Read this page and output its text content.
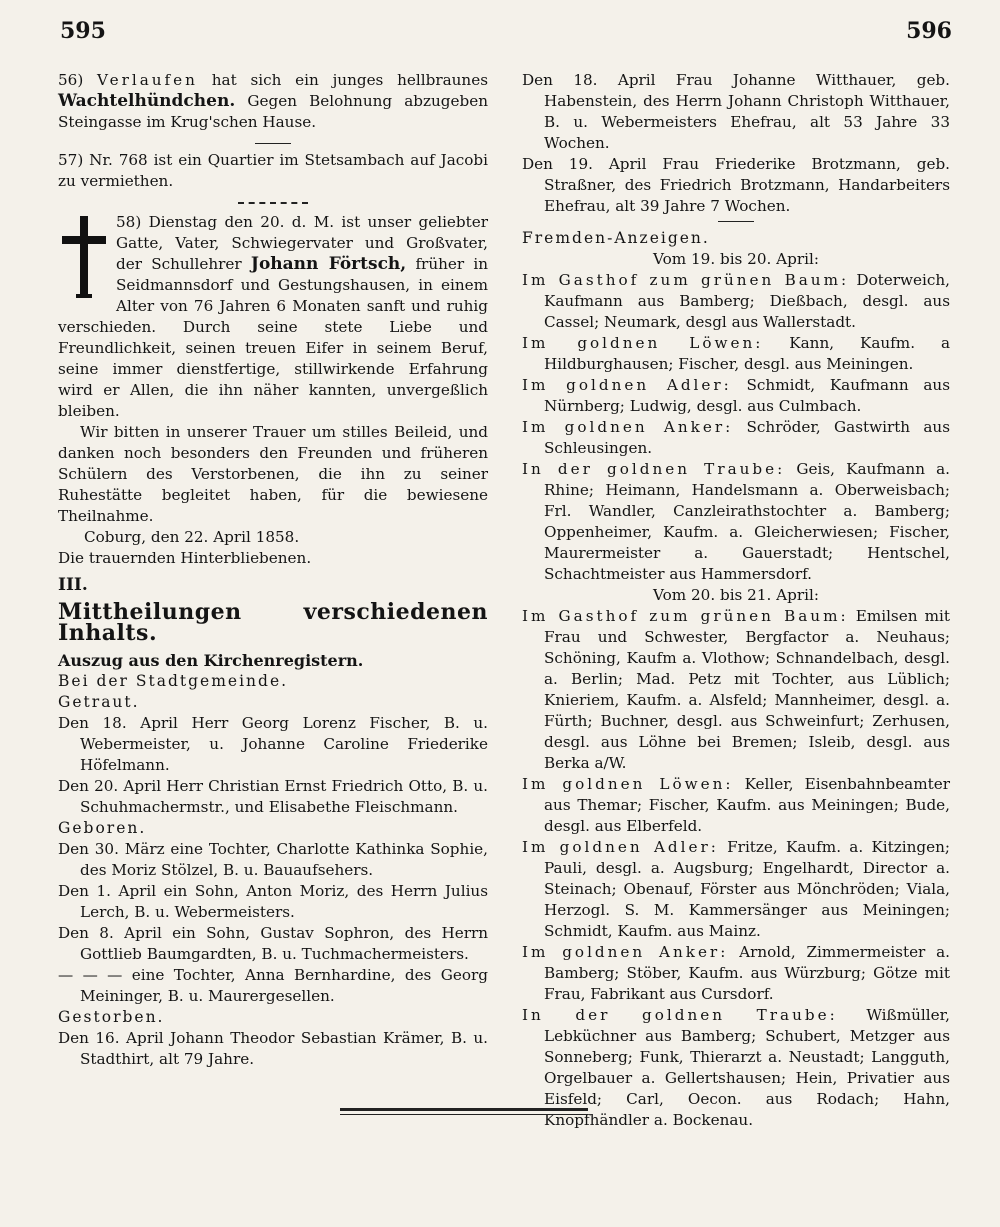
595	596

56) Verlaufen hat sich ein junges hellbraunes Wachtelhündchen. Gegen Belohnung abzugeben Steingasse im Krug'schen Hause.

57) Nr. 768 ist ein Quartier im Stetsambach auf Jacobi zu vermiethen.

58) Dienstag den 20. d. M. ist unser geliebter Gatte, Vater, Schwiegervater und Großvater, der Schullehrer Johann Förtsch, früher in Seidmannsdorf und Gestungshausen, in einem Alter von 76 Jahren 6 Monaten sanft und ruhig verschieden. Durch seine stete Liebe und Freundlichkeit, seinen treuen Eifer in seinem Beruf, seine immer dienstfertige, stillwirkende Erfahrung wird er Allen, die ihn näher kannten, unvergeßlich bleiben.

Wir bitten in unserer Trauer um stilles Beileid, und danken noch besonders den Freunden und früheren Schülern des Verstorbenen, die ihn zu seiner Ruhestätte begleitet haben, für die bewiesene Theilnahme.

Coburg, den 22. April 1858.

Die trauernden Hinterbliebenen.

III.

Mittheilungen verschiedenen Inhalts.

Auszug aus den Kirchenregistern.

Bei der Stadtgemeinde.

Getraut.

Den 18. April Herr Georg Lorenz Fischer, B. u. Webermeister, u. Johanne Caroline Friederike Höfelmann.

Den 20. April Herr Christian Ernst Friedrich Otto, B. u. Schuhmachermstr., und Elisabethe Fleischmann.

Geboren.

Den 30. März eine Tochter, Charlotte Kathinka Sophie, des Moriz Stölzel, B. u. Bauaufsehers.

Den 1. April ein Sohn, Anton Moriz, des Herrn Julius Lerch, B. u. Webermeisters.

Den 8. April ein Sohn, Gustav Sophron, des Herrn Gottlieb Baumgardten, B. u. Tuchmachermeisters.

— — — eine Tochter, Anna Bernhardine, des Georg Meininger, B. u. Maurergesellen.

Gestorben.

Den 16. April Johann Theodor Sebastian Krämer, B. u. Stadthirt, alt 79 Jahre.

Den 18. April Frau Johanne Witthauer, geb. Habenstein, des Herrn Johann Christoph Witthauer, B. u. Webermeisters Ehefrau, alt 53 Jahre 33 Wochen.

Den 19. April Frau Friederike Brotzmann, geb. Straßner, des Friedrich Brotzmann, Handarbeiters Ehefrau, alt 39 Jahre 7 Wochen.

Fremden-Anzeigen.

Vom 19. bis 20. April:

Im Gasthof zum grünen Baum: Doterweich, Kaufmann aus Bamberg; Dießbach, desgl. aus Cassel; Neumark, desgl aus Wallerstadt.

Im goldnen Löwen: Kann, Kaufm. a Hildburghausen; Fischer, desgl. aus Meiningen.

Im goldnen Adler: Schmidt, Kaufmann aus Nürnberg; Ludwig, desgl. aus Culmbach.

Im goldnen Anker: Schröder, Gastwirth aus Schleusingen.

In der goldnen Traube: Geis, Kaufmann a. Rhine; Heimann, Handelsmann a. Oberweisbach; Frl. Wandler, Canzleirathstochter a. Bamberg; Oppenheimer, Kaufm. a. Gleicherwiesen; Fischer, Maurermeister a. Gauerstadt; Hentschel, Schachtmeister aus Hammersdorf.

Vom 20. bis 21. April:

Im Gasthof zum grünen Baum: Emilsen mit Frau und Schwester, Bergfactor a. Neuhaus; Schöning, Kaufm a. Vlothow; Schnandelbach, desgl. a. Berlin; Mad. Petz mit Tochter, aus Lüblich; Knieriem, Kaufm. a. Alsfeld; Mannheimer, desgl. a. Fürth; Buchner, desgl. aus Schweinfurt; Zerhusen, desgl. aus Löhne bei Bremen; Isleib, desgl. aus Berka a/W.

Im goldnen Löwen: Keller, Eisenbahnbeamter aus Themar; Fischer, Kaufm. aus Meiningen; Bude, desgl. aus Elberfeld.

Im goldnen Adler: Fritze, Kaufm. a. Kitzingen; Pauli, desgl. a. Augsburg; Engelhardt, Director a. Steinach; Obenauf, Förster aus Mönchröden; Viala, Herzogl. S. M. Kammersänger aus Meiningen; Schmidt, Kaufm. aus Mainz.

Im goldnen Anker: Arnold, Zimmermeister a. Bamberg; Stöber, Kaufm. aus Würzburg; Götze mit Frau, Fabrikant aus Cursdorf.

In der goldnen Traube: Wißmüller, Lebküchner aus Bamberg; Schubert, Metzger aus Sonneberg; Funk, Thierarzt a. Neustadt; Langguth, Orgelbauer a. Gellertshausen; Hein, Privatier aus Eisfeld; Carl, Oecon. aus Rodach; Hahn, Knopfhändler a. Bockenau.
